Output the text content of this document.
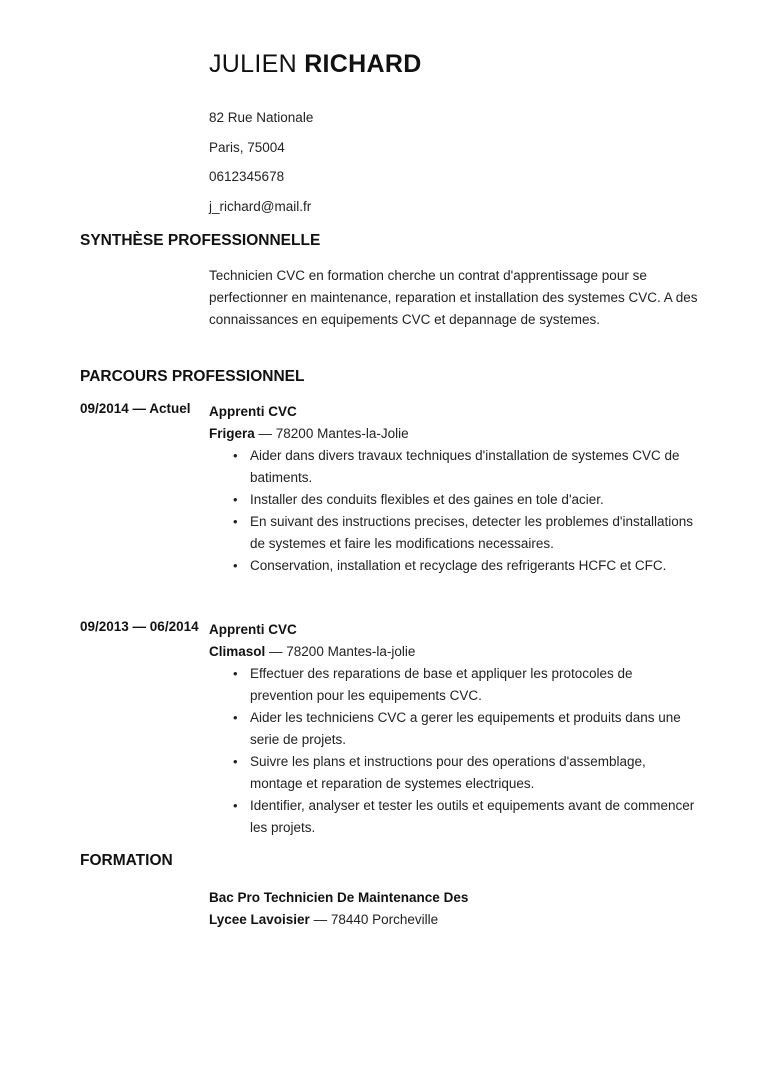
JULIEN RICHARD
82 Rue Nationale
Paris, 75004
0612345678
j_richard@mail.fr
SYNTHÈSE PROFESSIONNELLE
Technicien CVC en formation cherche un contrat d'apprentissage pour se perfectionner en maintenance, reparation et installation des systemes CVC. A des connaissances en equipements CVC et depannage de systemes.
PARCOURS PROFESSIONNEL
09/2014 — Actuel Apprenti CVC
Frigera — 78200 Mantes-la-Jolie
• Aider dans divers travaux techniques d'installation de systemes CVC de batiments.
• Installer des conduits flexibles et des gaines en tole d'acier.
• En suivant des instructions precises, detecter les problemes d'installations de systemes et faire les modifications necessaires.
• Conservation, installation et recyclage des refrigerants HCFC et CFC.
09/2013 — 06/2014 Apprenti CVC
Climasol — 78200 Mantes-la-jolie
• Effectuer des reparations de base et appliquer les protocoles de prevention pour les equipements CVC.
• Aider les techniciens CVC a gerer les equipements et produits dans une serie de projets.
• Suivre les plans et instructions pour des operations d'assemblage, montage et reparation de systemes electriques.
• Identifier, analyser et tester les outils et equipements avant de commencer les projets.
FORMATION
Bac Pro Technicien De Maintenance Des
Lycee Lavoisier — 78440 Porcheville
